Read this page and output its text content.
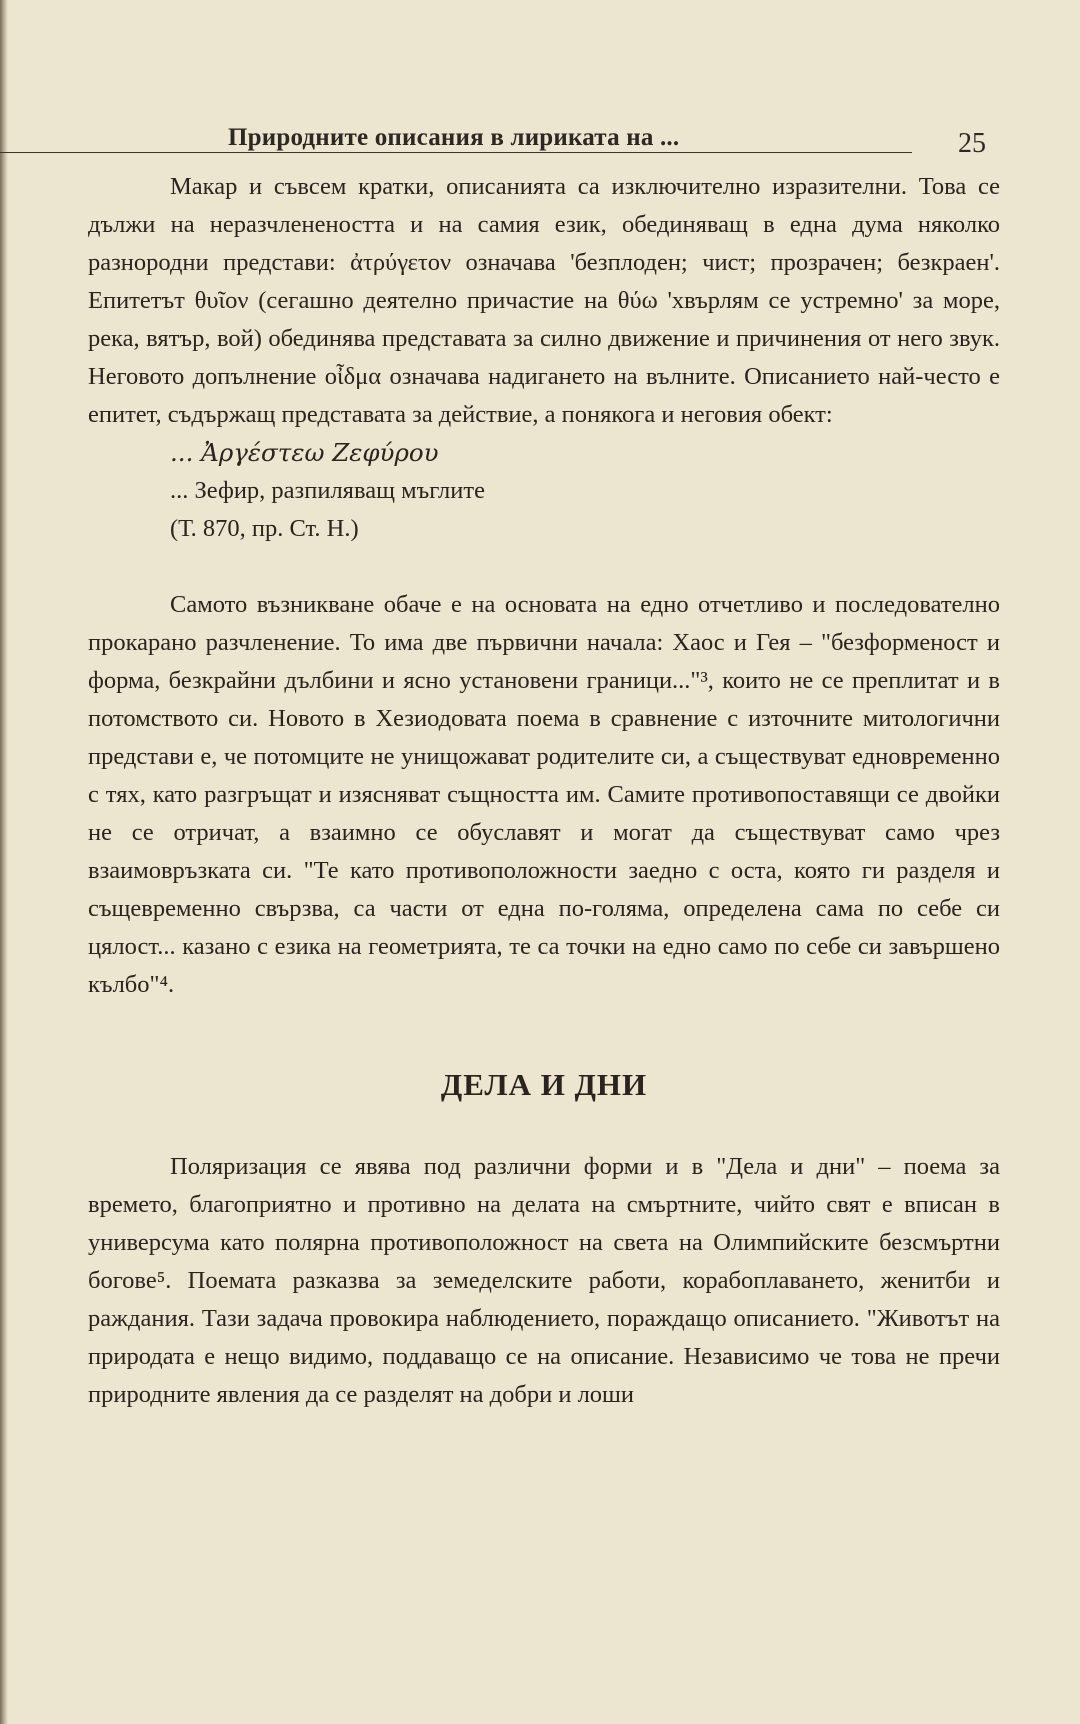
Природните описания в лириката на ...	25

Макар и съвсем кратки, описанията са изключително изразителни. Това се дължи на неразчленеността и на самия език, обединяващ в една дума няколко разнородни представи: ἀτρύγετον означава 'безплоден; чист; прозрачен; безкраен'. Епитетът θυῖον (сегашно деятелно причастие на θύω 'хвърлям се устремно' за море, река, вятър, вой) обединява представата за силно движение и причинения от него звук. Неговото допълнение οἶδμα означава надигането на вълните. Описанието най-често е епитет, съдържащ представата за действие, а понякога и неговия обект:

... Ἀργέστεω Ζεφύρου

... Зефир, разпиляващ мъглите

(Т. 870, пр. Ст. Н.)

Самото възникване обаче е на основата на едно отчетливо и последователно прокарано разчленение. То има две първични начала: Хаос и Гея – "безформеност и форма, безкрайни дълбини и ясно установени граници..."³, които не се преплитат и в потомството си. Новото в Хезиодовата поема в сравнение с източните митологични представи е, че потомците не унищожават родителите си, а съществуват едновременно с тях, като разгръщат и изясняват същността им. Самите противопоставящи се двойки не се отричат, а взаимно се обуславят и могат да съществуват само чрез взаимовръзката си. "Те като противоположности заедно с оста, която ги разделя и същевременно свързва, са части от една по-голяма, определена сама по себе си цялост... казано с езика на геометрията, те са точки на едно само по себе си завършено кълбо"⁴.

ДЕЛА И ДНИ

Поляризация се явява под различни форми и в "Дела и дни" – поема за времето, благоприятно и противно на делата на смъртните, чийто свят е вписан в универсума като полярна противоположност на света на Олимпийските безсмъртни богове⁵. Поемата разказва за земеделските работи, корабоплаването, женитби и раждания. Тази задача провокира наблюдението, пораждащо описанието. "Животът на природата е нещо видимо, поддаващо се на описание. Независимо че това не пречи природните явления да се разделят на добри и лоши
